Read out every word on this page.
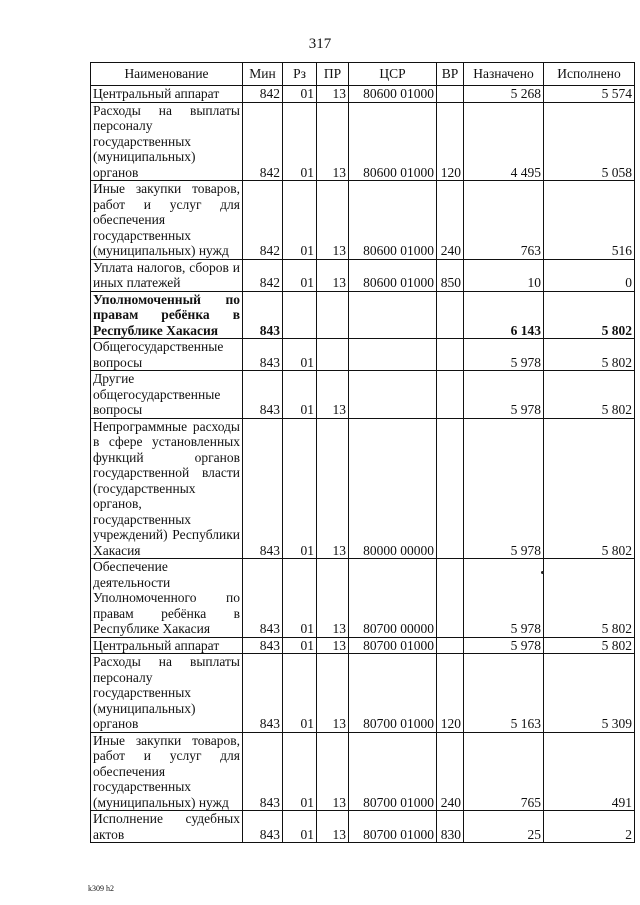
317
Наименование	Мин	Рз	ПР	ЦСР	ВР	Назначено	Исполнено
Центральный аппарат	842	01	13	80600 01000		5 268	5 574
Расходы на выплаты персоналу государственных (муниципальных) органов	842	01	13	80600 01000	120	4 495	5 058
Иные закупки товаров, работ и услуг для обеспечения государственных (муниципальных) нужд	842	01	13	80600 01000	240	763	516
Уплата налогов, сборов и иных платежей	842	01	13	80600 01000	850	10	0
Уполномоченный по правам ребёнка в Республике Хакасия	843					6 143	5 802
Общегосударственные вопросы	843	01				5 978	5 802
Другие общегосударственные вопросы	843	01	13			5 978	5 802
Непрограммные расходы в сфере установленных функций органов государственной власти (государственных органов, государственных учреждений) Республики Хакасия	843	01	13	80000 00000		5 978	5 802
Обеспечение деятельности Уполномоченного по правам ребёнка в Республике Хакасия	843	01	13	80700 00000		5 978	5 802
Центральный аппарат	843	01	13	80700 01000		5 978	5 802
Расходы на выплаты персоналу государственных (муниципальных) органов	843	01	13	80700 01000	120	5 163	5 309
Иные закупки товаров, работ и услуг для обеспечения государственных (муниципальных) нужд	843	01	13	80700 01000	240	765	491
Исполнение судебных актов	843	01	13	80700 01000	830	25	2
k309 h2
